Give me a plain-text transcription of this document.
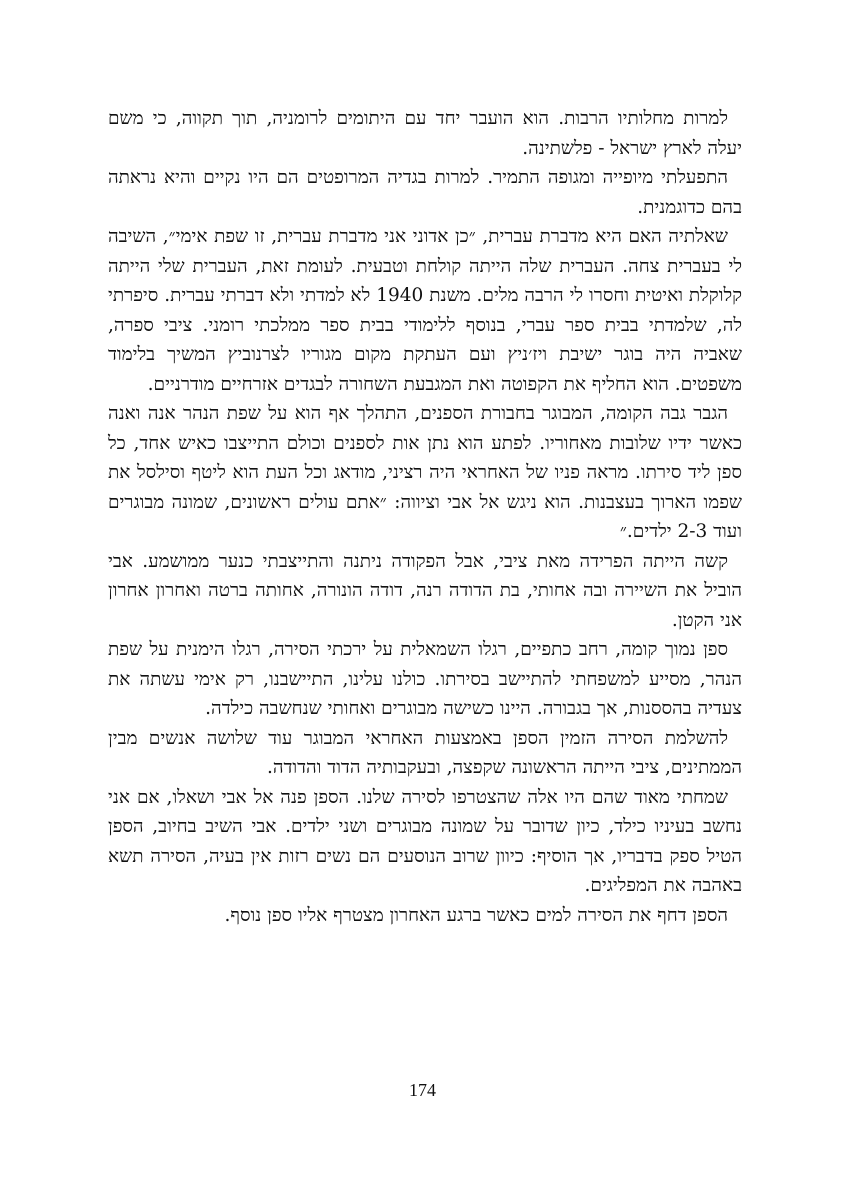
למרות מחלותיו הרבות. הוא הועבר יחד עם היתומים לרומניה, תוך תקווה, כי משם יעלה לארץ ישראל - פלשתינה.

התפעלתי מיופייה ומגופה התמיר. למרות בגדיה המרופטים הם היו נקיים והיא נראתה בהם כדוגמנית.

שאלתיה האם היא מדברת עברית, ״כן אדוני אני מדברת עברית, זו שפת אימי״, השיבה לי בעברית צחה. העברית שלה הייתה קולחת וטבעית. לעומת זאת, העברית שלי הייתה קלוקלת ואיטית וחסרו לי הרבה מלים. משנת 1940 לא למדתי ולא דברתי עברית. סיפרתי לה, שלמדתי בבית ספר עברי, בנוסף ללימודי בבית ספר ממלכתי רומני. ציבי ספרה, שאביה היה בוגר ישיבת ויז׳ניץ ועם העתקת מקום מגוריו לצרנוביץ המשיך בלימוד משפטים. הוא החליף את הקפוטה ואת המגבעת השחורה לבגדים אזרחיים מודרניים.

הגבר גבה הקומה, המבוגר בחבורת הספנים, התהלך אף הוא על שפת הנהר אנה ואנה כאשר ידיו שלובות מאחוריו. לפתע הוא נתן אות לספנים וכולם התייצבו כאיש אחד, כל ספן ליד סירתו. מראה פניו של האחראי היה רציני, מודאג וכל העת הוא ליטף וסילסל את שפמו הארוך בעצבנות. הוא ניגש אל אבי וציווה: ״אתם עולים ראשונים, שמונה מבוגרים ועוד 2-3 ילדים.״

קשה הייתה הפרידה מאת ציבי, אבל הפקודה ניתנה והתייצבתי כנער ממושמע. אבי הוביל את השיירה ובה אחותי, בת הדודה רנה, דודה הונורה, אחותה ברטה ואחרון אחרון אני הקטן.

ספן נמוך קומה, רחב כתפיים, רגלו השמאלית על ירכתי הסירה, רגלו הימנית על שפת הנהר, מסייע למשפחתי להתיישב בסירתו. כולנו עלינו, התיישבנו, רק אימי עשתה את צעדיה בהססנות, אך בגבורה. היינו כשישה מבוגרים ואחותי שנחשבה כילדה.

להשלמת הסירה הזמין הספן באמצעות האחראי המבוגר עוד שלושה אנשים מבין הממתינים, ציבי הייתה הראשונה שקפצה, ובעקבותיה הדוד והדודה.

שמחתי מאוד שהם היו אלה שהצטרפו לסירה שלנו. הספן פנה אל אבי ושאלו, אם אני נחשב בעיניו כילד, כיון שדובר על שמונה מבוגרים ושני ילדים. אבי השיב בחיוב, הספן הטיל ספק בדבריו, אך הוסיף: כיוון שרוב הנוסעים הם נשים רזות אין בעיה, הסירה תשא באהבה את המפליגים.

הספן דחף את הסירה למים כאשר ברגע האחרון מצטרף אליו ספן נוסף.

174
